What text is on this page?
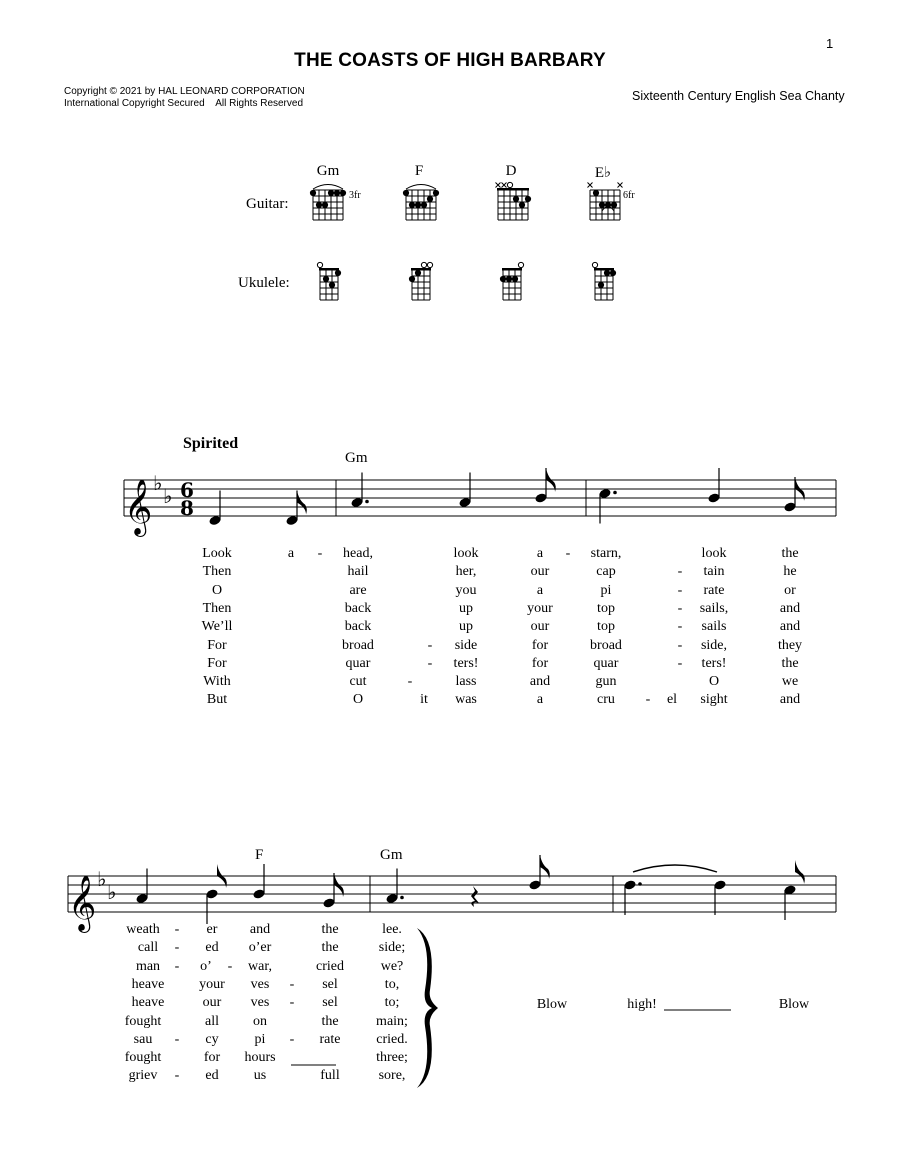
1
THE COASTS OF HIGH BARBARY
Copyright © 2021 by HAL LEONARD CORPORATION
International Copyright Secured    All Rights Reserved
Sixteenth Century English Sea Chanty
Guitar:
Ukulele:
Gm	F	D	E♭
3fr	6fr
Spirited
Gm
F	Gm
Look	a - head,	look	a - starn,	look	the
Then	hail	her,	our	cap	- tain	he
O	are	you	a	pi	- rate	or
Then	back	up	your	top	- sails,	and
We’ll	back	up	our	top	- sails	and
For	broad	- side	for	broad	- side,	they
For	quar	- ters!	for	quar	- ters!	the
With	cut	-	lass	and	gun	O	we
But	O	it was	a	cru - el sight	and
weath - er and	the	lee.
call - ed o’er	the	side;
man - o’ - war,	cried	we?
heave your ves - sel	to,
heave	our ves - sel	to;
fought	all on	the	main;
sau - cy	pi - rate	cried.
fought	for hours	three;
griev - ed	us	full	sore,
Blow	high!	Blow
𝄞
𝄞
♭
♭
♭
♭
6
8
